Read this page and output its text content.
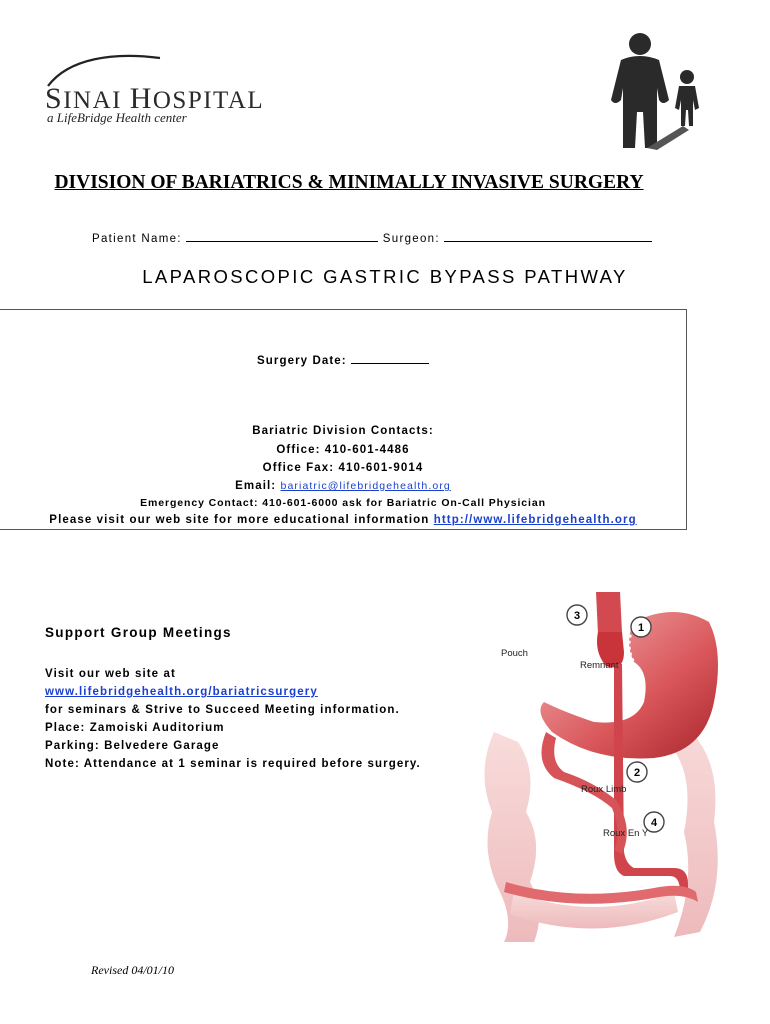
SINAI HOSPITAL
a LifeBridge Health center
DIVISION OF BARIATRICS & MINIMALLY INVASIVE SURGERY
Patient Name:	Surgeon:
LAPAROSCOPIC GASTRIC BYPASS PATHWAY
Surgery Date:
Bariatric Division Contacts:
Office: 410-601-4486
Office Fax: 410-601-9014
Email: bariatric@lifebridgehealth.org
Emergency Contact: 410-601-6000 ask for Bariatric On-Call Physician
Please visit our web site for more educational information http://www.lifebridgehealth.org
Support Group Meetings
Visit our web site at
www.lifebridgehealth.org/bariatricsurgery
for seminars & Strive to Succeed Meeting information.
Place: Zamoiski Auditorium
Parking: Belvedere Garage
Note: Attendance at 1 seminar is required before surgery.
3
1
2
4
Pouch
Remnant
Roux Limb
Roux En Y
Revised 04/01/10
